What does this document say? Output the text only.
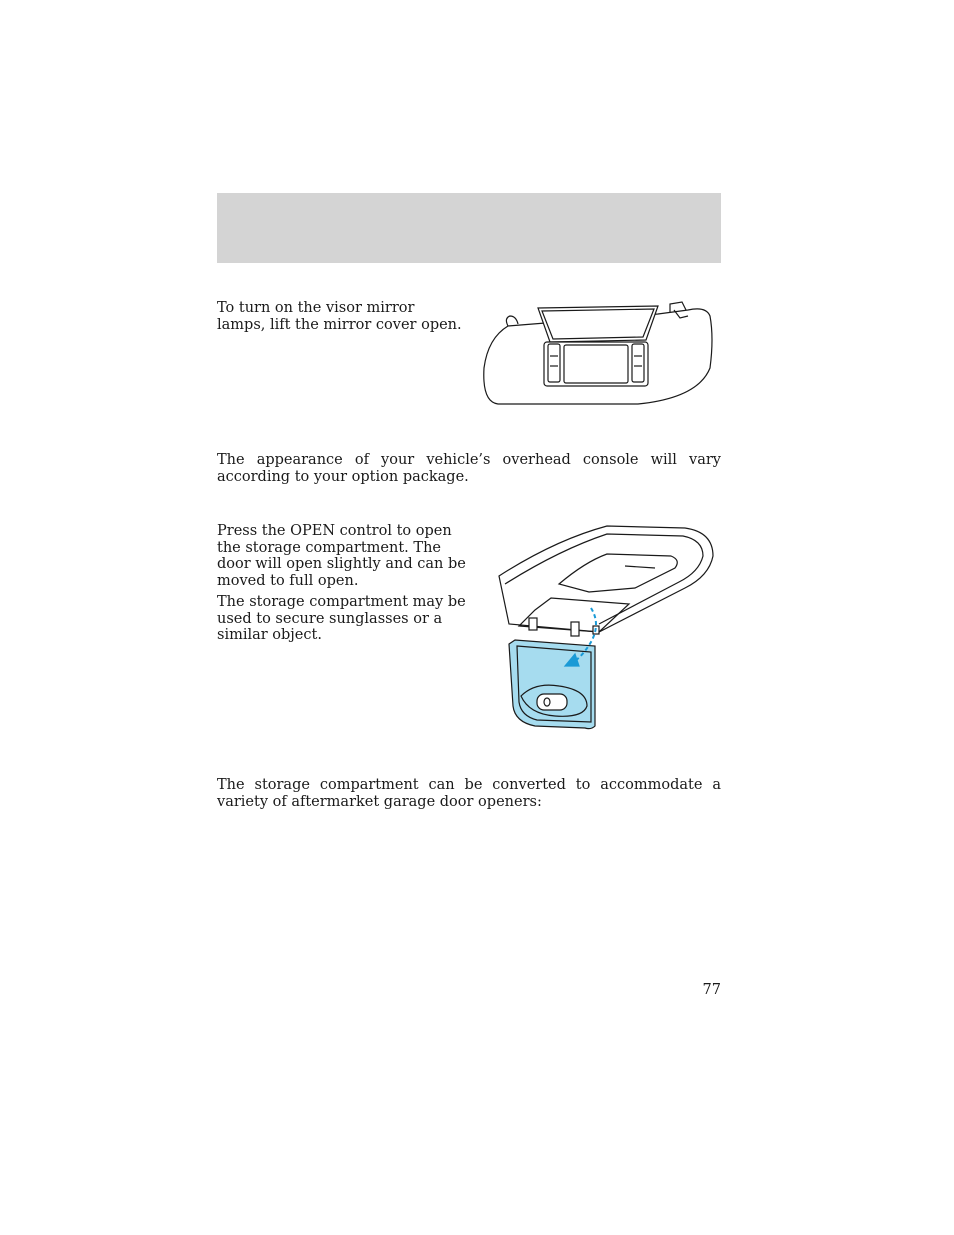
To turn on the visor mirror lamps, lift the mirror cover open.

The appearance of your vehicle’s overhead console will vary according to your option package.

Press the OPEN control to open the storage compartment. The door will open slightly and can be moved to full open.

The storage compartment may be used to secure sunglasses or a similar object.

The storage compartment can be converted to accommodate a variety of aftermarket garage door openers:

77
